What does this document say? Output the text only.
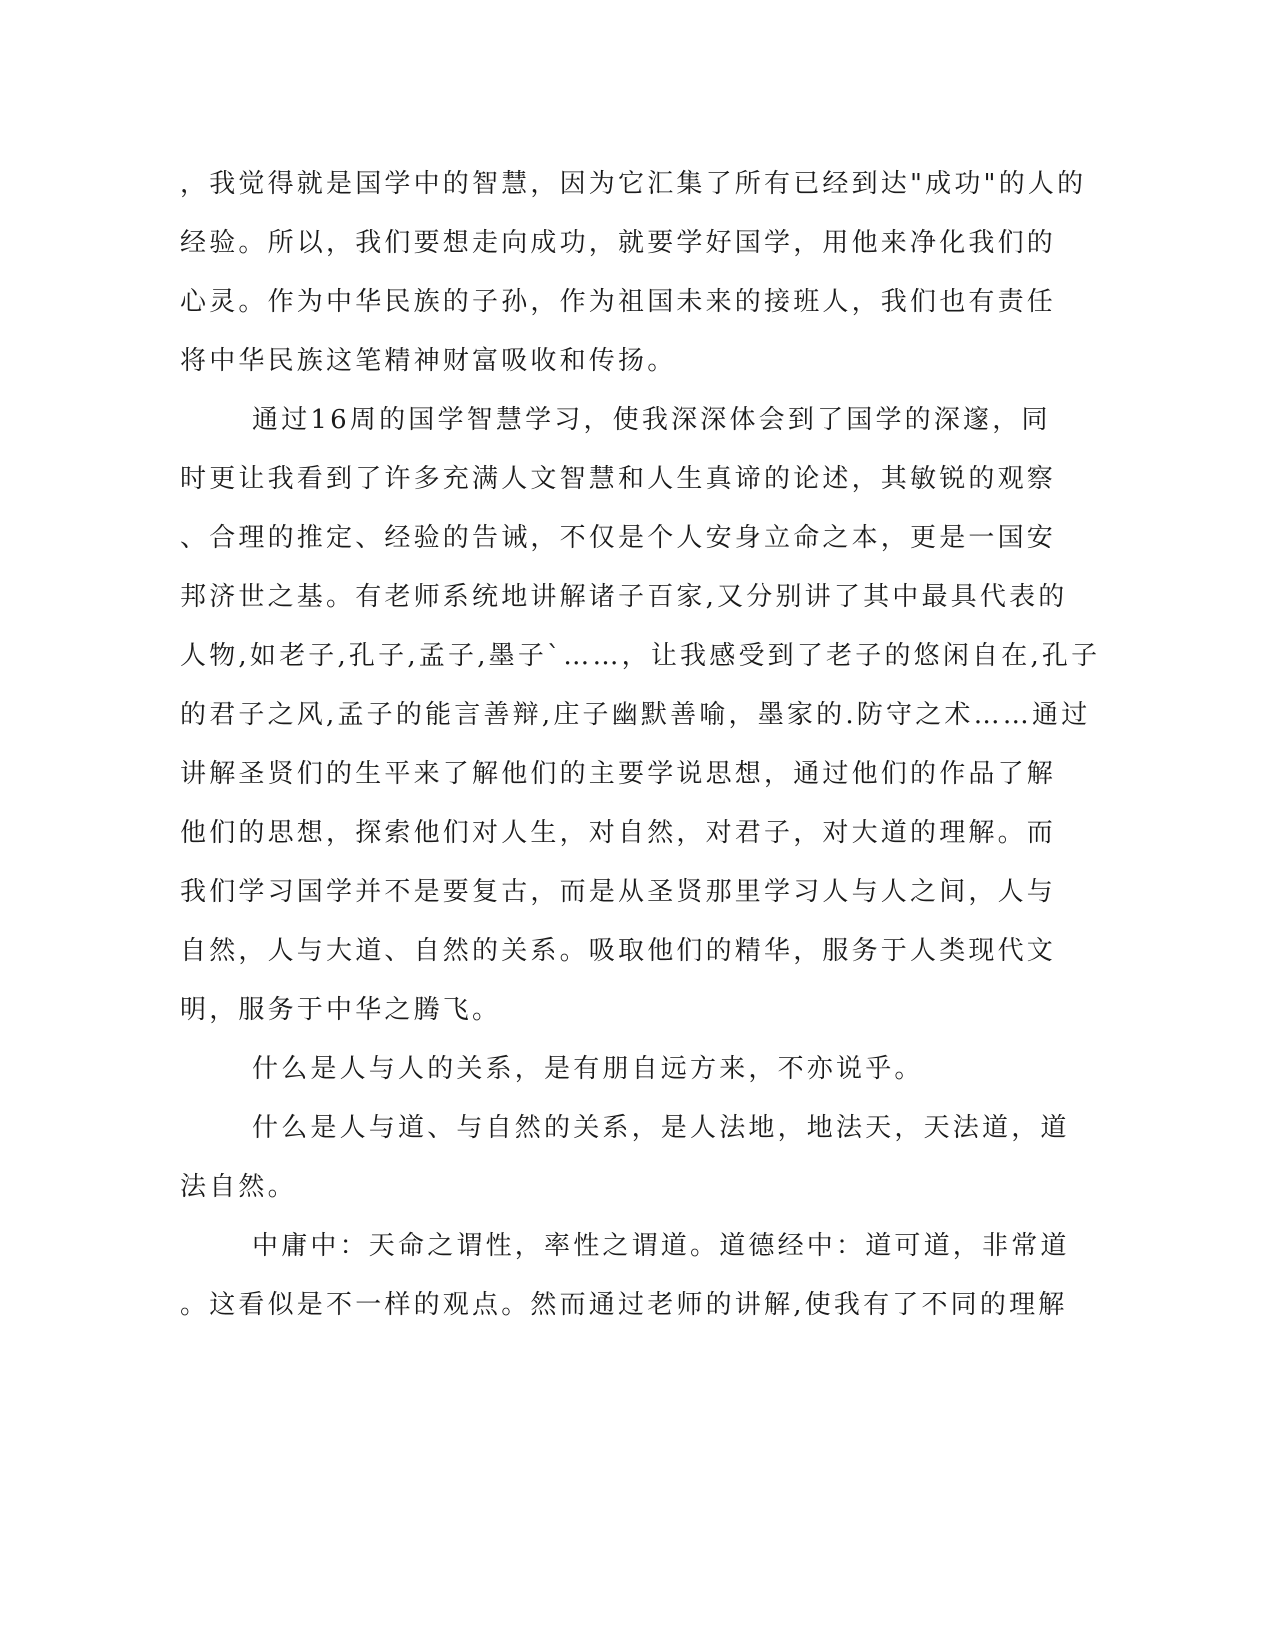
，我觉得就是国学中的智慧，因为它汇集了所有已经到达"成功"的人的
经验。所以，我们要想走向成功，就要学好国学，用他来净化我们的
心灵。作为中华民族的子孙，作为祖国未来的接班人，我们也有责任
将中华民族这笔精神财富吸收和传扬。
通过16周的国学智慧学习，使我深深体会到了国学的深邃，同
时更让我看到了许多充满人文智慧和人生真谛的论述，其敏锐的观察
、合理的推定、经验的告诫，不仅是个人安身立命之本，更是一国安
邦济世之基。有老师系统地讲解诸子百家,又分别讲了其中最具代表的
人物,如老子,孔子,孟子,墨子`……，让我感受到了老子的悠闲自在,孔子
的君子之风,孟子的能言善辩,庄子幽默善喻，墨家的.防守之术……通过
讲解圣贤们的生平来了解他们的主要学说思想，通过他们的作品了解
他们的思想，探索他们对人生，对自然，对君子，对大道的理解。而
我们学习国学并不是要复古，而是从圣贤那里学习人与人之间，人与
自然，人与大道、自然的关系。吸取他们的精华，服务于人类现代文
明，服务于中华之腾飞。
什么是人与人的关系，是有朋自远方来，不亦说乎。
什么是人与道、与自然的关系，是人法地，地法天，天法道，道
法自然。
中庸中：天命之谓性，率性之谓道。道德经中：道可道，非常道
。这看似是不一样的观点。然而通过老师的讲解,使我有了不同的理解
